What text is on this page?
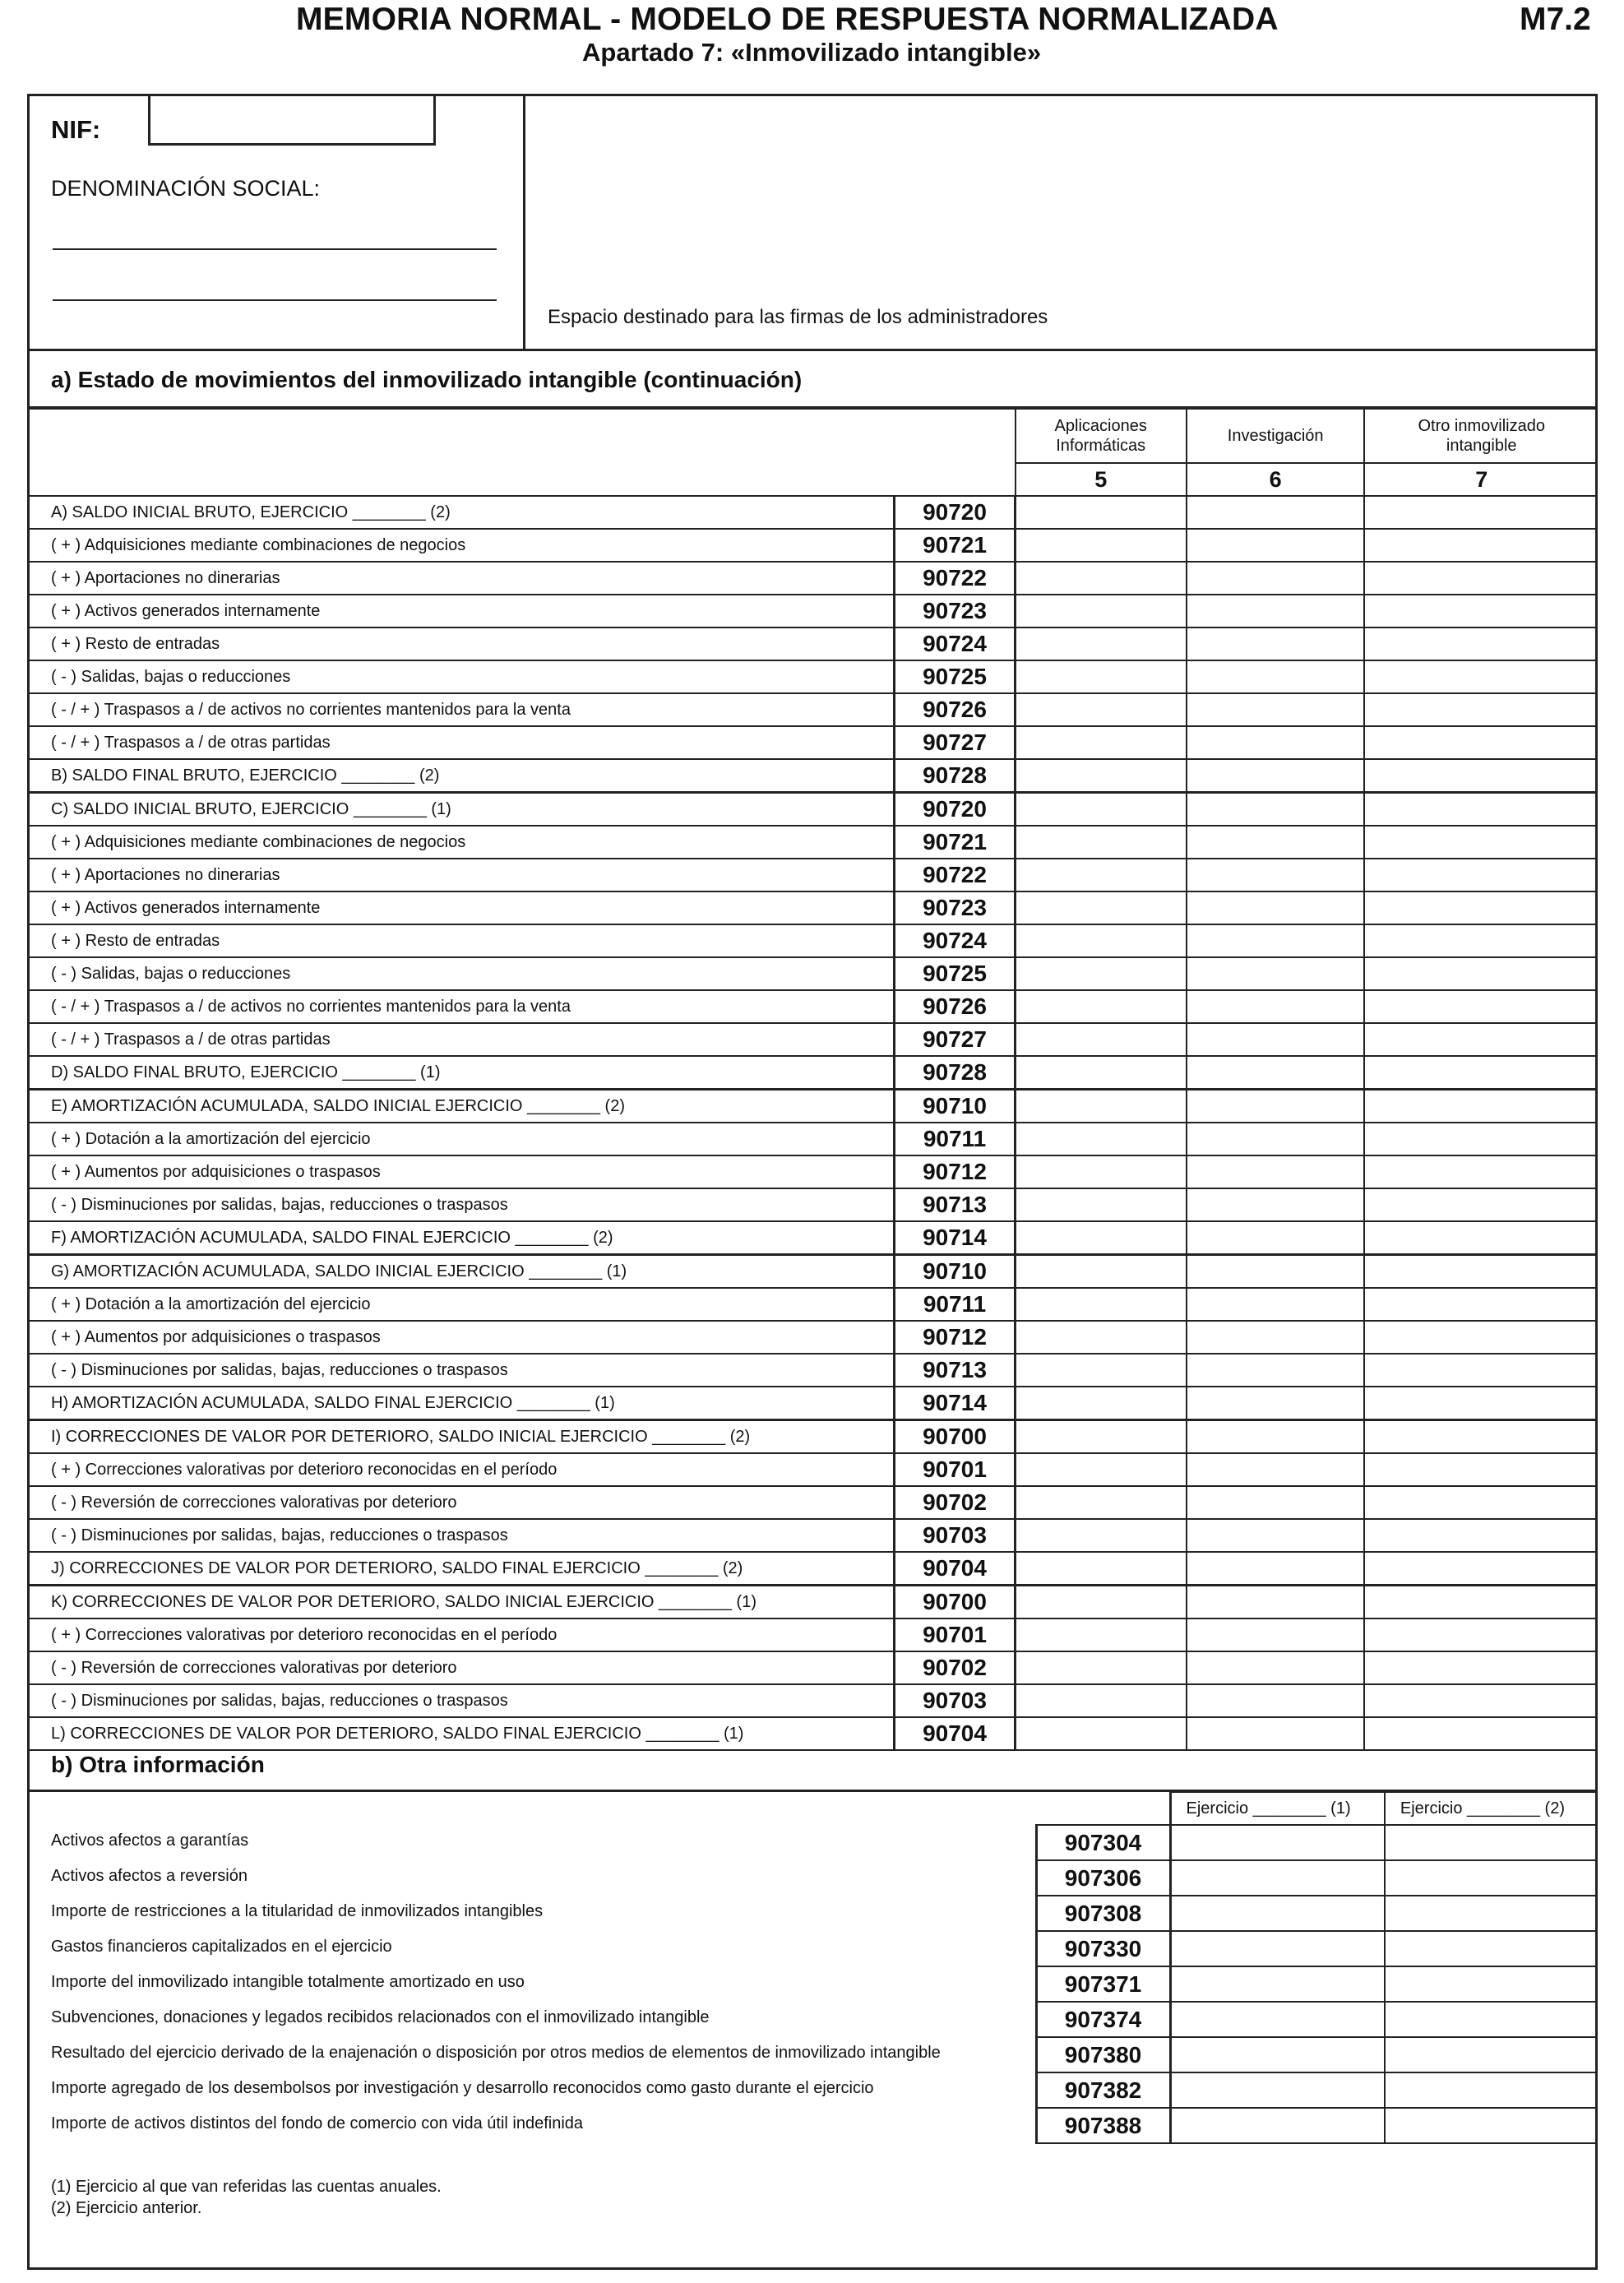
MEMORIA NORMAL - MODELO DE RESPUESTA NORMALIZADA	M7.2
Apartado 7: «Inmovilizado intangible»
NIF:
DENOMINACIÓN SOCIAL:
Espacio destinado para las firmas de los administradores
a) Estado de movimientos del inmovilizado intangible (continuación)
		Aplicaciones
Informáticas	Investigación	Otro inmovilizado
intangible
		5	6	7
A) SALDO INICIAL BRUTO, EJERCICIO ________ (2)	90720			
( + ) Adquisiciones mediante combinaciones de negocios	90721			
( + ) Aportaciones no dinerarias	90722			
( + ) Activos generados internamente	90723			
( + ) Resto de entradas	90724			
( - ) Salidas, bajas o reducciones	90725			
( - / + ) Traspasos a / de activos no corrientes mantenidos para la venta	90726			
( - / + ) Traspasos a / de otras partidas	90727			
B) SALDO FINAL BRUTO, EJERCICIO ________ (2)	90728			
C) SALDO INICIAL BRUTO, EJERCICIO ________ (1)	90720			
( + ) Adquisiciones mediante combinaciones de negocios	90721			
( + ) Aportaciones no dinerarias	90722			
( + ) Activos generados internamente	90723			
( + ) Resto de entradas	90724			
( - ) Salidas, bajas o reducciones	90725			
( - / + ) Traspasos a / de activos no corrientes mantenidos para la venta	90726			
( - / + ) Traspasos a / de otras partidas	90727			
D) SALDO FINAL BRUTO, EJERCICIO ________ (1)	90728			
E) AMORTIZACIÓN ACUMULADA, SALDO INICIAL EJERCICIO ________ (2)	90710			
( + ) Dotación a la amortización del ejercicio	90711			
( + ) Aumentos por adquisiciones o traspasos	90712			
( - ) Disminuciones por salidas, bajas, reducciones o traspasos	90713			
F) AMORTIZACIÓN ACUMULADA, SALDO FINAL EJERCICIO ________ (2)	90714			
G) AMORTIZACIÓN ACUMULADA, SALDO INICIAL EJERCICIO ________ (1)	90710			
( + ) Dotación a la amortización del ejercicio	90711			
( + ) Aumentos por adquisiciones o traspasos	90712			
( - ) Disminuciones por salidas, bajas, reducciones o traspasos	90713			
H) AMORTIZACIÓN ACUMULADA, SALDO FINAL EJERCICIO ________ (1)	90714			
I) CORRECCIONES DE VALOR POR DETERIORO, SALDO INICIAL EJERCICIO ________ (2)	90700			
( + ) Correcciones valorativas por deterioro reconocidas en el período	90701			
( - ) Reversión de correcciones valorativas por deterioro	90702			
( - ) Disminuciones por salidas, bajas, reducciones o traspasos	90703			
J) CORRECCIONES DE VALOR POR DETERIORO, SALDO FINAL EJERCICIO ________ (2)	90704			
K) CORRECCIONES DE VALOR POR DETERIORO, SALDO INICIAL EJERCICIO ________ (1)	90700			
( + ) Correcciones valorativas por deterioro reconocidas en el período	90701			
( - ) Reversión de correcciones valorativas por deterioro	90702			
( - ) Disminuciones por salidas, bajas, reducciones o traspasos	90703			
L) CORRECCIONES DE VALOR POR DETERIORO, SALDO FINAL EJERCICIO ________ (1)	90704			
b) Otra información
		Ejercicio ________ (1)	Ejercicio ________ (2)
Activos afectos a garantías	907304		
Activos afectos a reversión	907306		
Importe de restricciones a la titularidad de inmovilizados intangibles	907308		
Gastos financieros capitalizados en el ejercicio	907330		
Importe del inmovilizado intangible totalmente amortizado en uso	907371		
Subvenciones, donaciones y legados recibidos relacionados con el inmovilizado intangible	907374		
Resultado del ejercicio derivado de la enajenación o disposición por otros medios de elementos de inmovilizado intangible	907380		
Importe agregado de los desembolsos por investigación y desarrollo reconocidos como gasto durante el ejercicio	907382		
Importe de activos distintos del fondo de comercio con vida útil indefinida	907388		
(1) Ejercicio al que van referidas las cuentas anuales.
(2) Ejercicio anterior.
